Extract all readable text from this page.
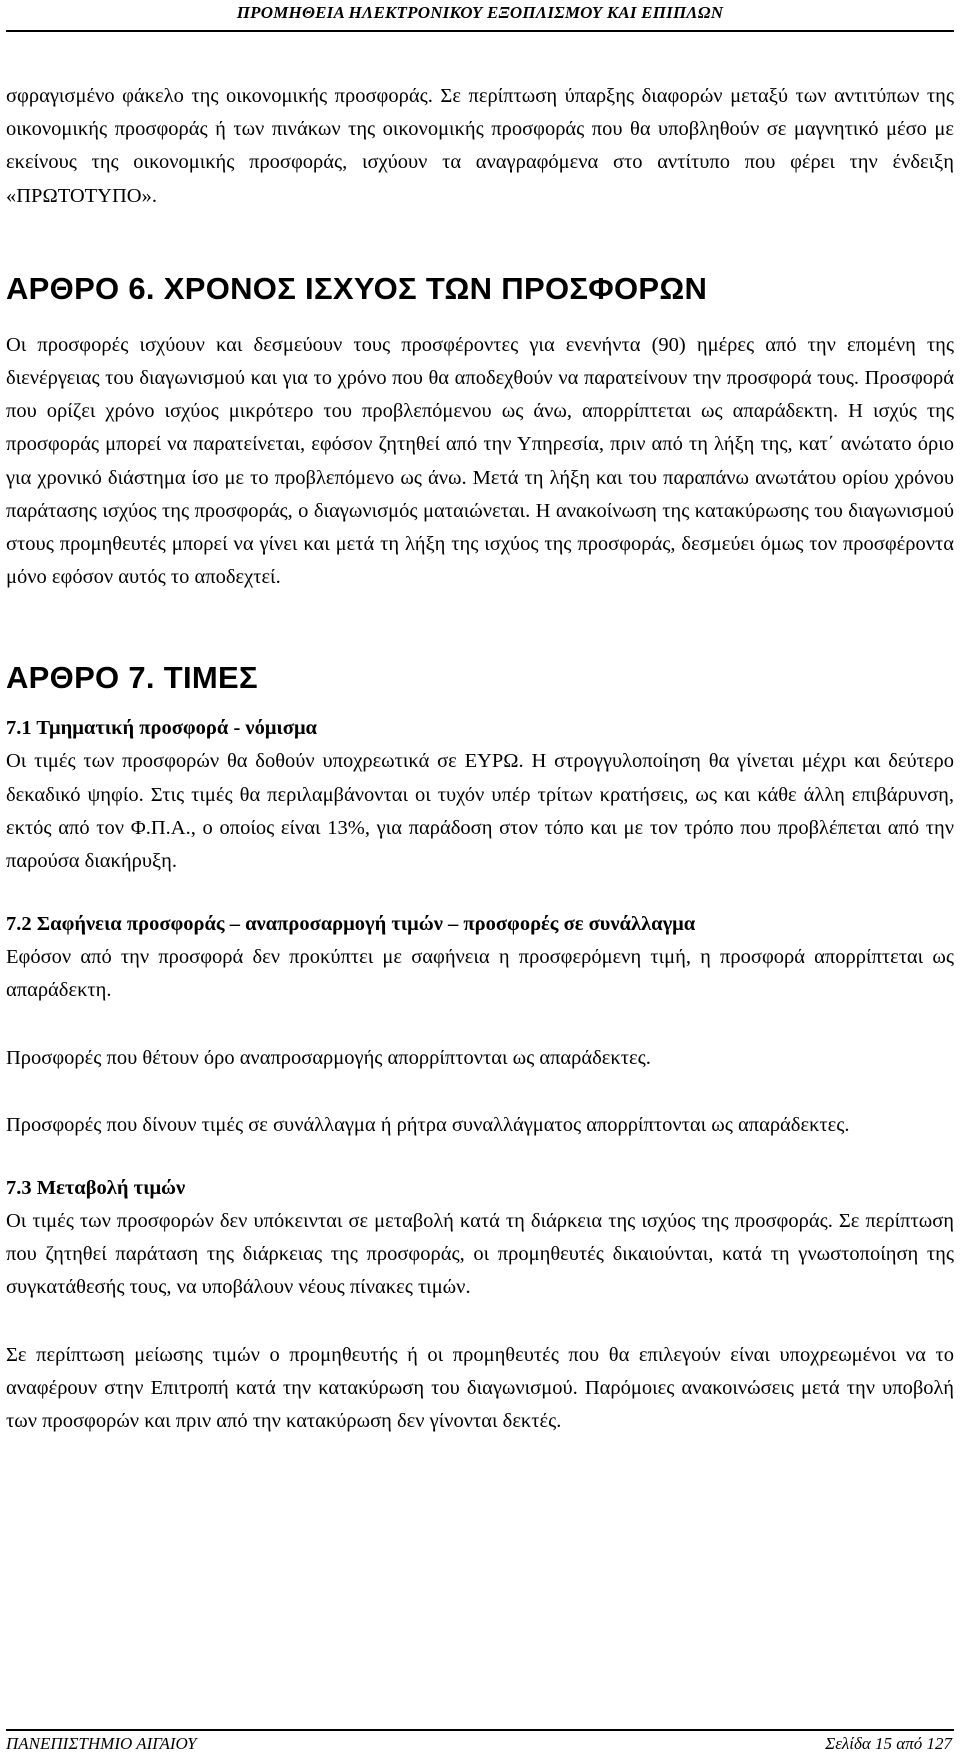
ΠΡΟΜΗΘΕΙΑ ΗΛΕΚΤΡΟΝΙΚΟΥ ΕΞΟΠΛΙΣΜΟΥ ΚΑΙ ΕΠΙΠΛΩΝ

σφραγισμένο φάκελο της οικονομικής προσφοράς. Σε περίπτωση ύπαρξης διαφορών μεταξύ των αντιτύπων της οικονομικής προσφοράς ή των πινάκων της οικονομικής προσφοράς που θα υποβληθούν σε μαγνητικό μέσο με εκείνους της οικονομικής προσφοράς, ισχύουν τα αναγραφόμενα στο αντίτυπο που φέρει την ένδειξη «ΠΡΩΤΟΤΥΠΟ».

ΑΡΘΡΟ 6. ΧΡΟΝΟΣ ΙΣΧΥΟΣ ΤΩΝ ΠΡΟΣΦΟΡΩΝ

Οι προσφορές ισχύουν και δεσμεύουν τους προσφέροντες για ενενήντα (90) ημέρες από την επομένη της διενέργειας του διαγωνισμού και για το χρόνο που θα αποδεχθούν να παρατείνουν την προσφορά τους. Προσφορά που ορίζει χρόνο ισχύος μικρότερο του προβλεπόμενου ως άνω, απορρίπτεται ως απαράδεκτη. Η ισχύς της προσφοράς μπορεί να παρατείνεται, εφόσον ζητηθεί από την Υπηρεσία, πριν από τη λήξη της, κατ΄ ανώτατο όριο για χρονικό διάστημα ίσο με το προβλεπόμενο ως άνω. Μετά τη λήξη και του παραπάνω ανωτάτου ορίου χρόνου παράτασης ισχύος της προσφοράς, ο διαγωνισμός ματαιώνεται. Η ανακοίνωση της κατακύρωσης του διαγωνισμού στους προμηθευτές μπορεί να γίνει και μετά τη λήξη της ισχύος της προσφοράς, δεσμεύει όμως τον προσφέροντα μόνο εφόσον αυτός το αποδεχτεί.

ΑΡΘΡΟ 7. ΤΙΜΕΣ
7.1 Τμηματική προσφορά - νόμισμα

Οι τιμές των προσφορών θα δοθούν υποχρεωτικά σε ΕΥΡΩ. Η στρογγυλοποίηση θα γίνεται μέχρι και δεύτερο δεκαδικό ψηφίο. Στις τιμές θα περιλαμβάνονται οι τυχόν υπέρ τρίτων κρατήσεις, ως και κάθε άλλη επιβάρυνση, εκτός από τον Φ.Π.Α., ο οποίος είναι 13%, για παράδοση στον τόπο και με τον τρόπο που προβλέπεται από την παρούσα διακήρυξη.

7.2 Σαφήνεια προσφοράς – αναπροσαρμογή τιμών – προσφορές σε συνάλλαγμα

Εφόσον από την προσφορά δεν προκύπτει με σαφήνεια η προσφερόμενη τιμή, η προσφορά απορρίπτεται ως απαράδεκτη.

Προσφορές που θέτουν όρο αναπροσαρμογής απορρίπτονται ως απαράδεκτες.

Προσφορές που δίνουν τιμές σε συνάλλαγμα ή ρήτρα συναλλάγματος απορρίπτονται ως απαράδεκτες.

7.3 Μεταβολή τιμών

Οι τιμές των προσφορών δεν υπόκεινται σε μεταβολή κατά τη διάρκεια της ισχύος της προσφοράς. Σε περίπτωση που ζητηθεί παράταση της διάρκειας της προσφοράς, οι προμηθευτές δικαιούνται, κατά τη γνωστοποίηση της συγκατάθεσής τους, να υποβάλουν νέους πίνακες τιμών.

Σε περίπτωση μείωσης τιμών ο προμηθευτής ή οι προμηθευτές που θα επιλεγούν είναι υποχρεωμένοι να το αναφέρουν στην Επιτροπή κατά την κατακύρωση του διαγωνισμού. Παρόμοιες ανακοινώσεις μετά την υποβολή των προσφορών και πριν από την κατακύρωση δεν γίνονται δεκτές.

ΠΑΝΕΠΙΣΤΗΜΙΟ ΑΙΓΑΙΟΥ	Σελίδα 15 από 127
